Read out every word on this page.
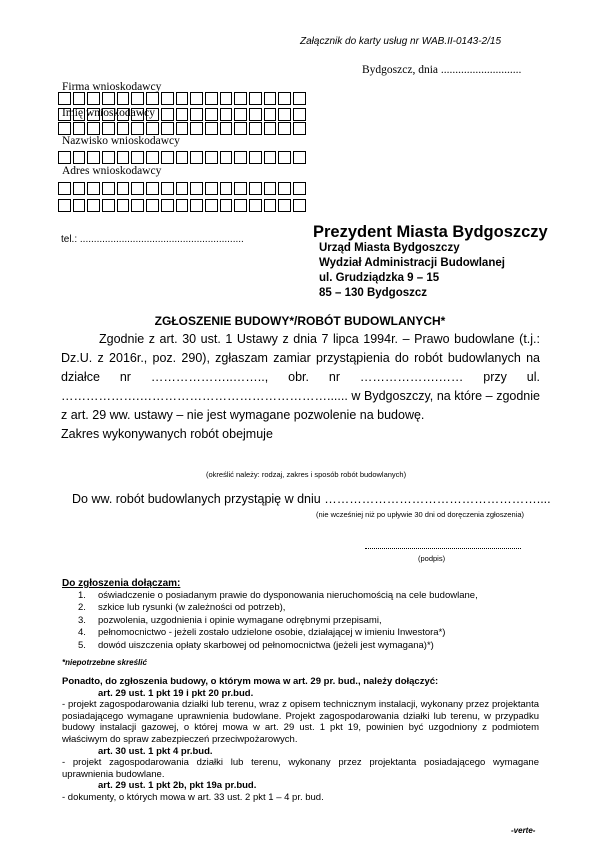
Załącznik do karty usług nr WAB.II-0143-2/15
Bydgoszcz, dnia ............................
Firma wnioskodawcy
Imię wnioskodawcy
Nazwisko wnioskodawcy
Adres wnioskodawcy
tel.: ...........................................................	Prezydent Miasta Bydgoszczy
Urząd Miasta Bydgoszczy
Wydział Administracji Budowlanej
ul. Grudziądzka 9 – 15
85 – 130 Bydgoszcz
ZGŁOSZENIE BUDOWY*/ROBÓT BUDOWLANYCH*

Zgodnie z art. 30 ust. 1 Ustawy z dnia 7 lipca 1994r. – Prawo budowlane (t.j.: Dz.U. z 2016r., poz. 290), zgłaszam zamiar przystąpienia do robót budowlanych na działce nr ………………..…….., obr. nr ……………….…… przy ul. ……………….………………………………………...... w Bydgoszczy, na które – zgodnie z art. 29 ww. ustawy – nie jest wymagane pozwolenie na budowę.

Zakres wykonywanych robót obejmuje

(określić należy: rodzaj, zakres i sposób robót budowlanych)
Do ww. robót budowlanych przystąpię w dniu ……………………………………………....
(nie wcześniej niż po upływie 30 dni od doręczenia zgłoszenia)
(podpis)
Do zgłoszenia dołączam:
1. oświadczenie o posiadanym prawie do dysponowania nieruchomością na cele budowlane,
2. szkice lub rysunki (w zależności od potrzeb),
3. pozwolenia, uzgodnienia i opinie wymagane odrębnymi przepisami,
4. pełnomocnictwo - jeżeli zostało udzielone osobie, działającej w imieniu Inwestora*)
5. dowód uiszczenia opłaty skarbowej od pełnomocnictwa (jeżeli jest wymagana)*)
*niepotrzebne skreślić

Ponadto, do zgłoszenia budowy, o którym mowa w art. 29 pr. bud., należy dołączyć:

art. 29 ust. 1 pkt 19 i pkt 20 pr.bud.

- projekt zagospodarowania działki lub terenu, wraz z opisem technicznym instalacji, wykonany przez projektanta posiadającego wymagane uprawnienia budowlane. Projekt zagospodarowania działki lub terenu, w przypadku budowy instalacji gazowej, o której mowa w art. 29 ust. 1 pkt 19, powinien być uzgodniony z podmiotem właściwym do spraw zabezpieczeń przeciwpożarowych.

art. 30 ust. 1 pkt 4 pr.bud.

- projekt zagospodarowania działki lub terenu, wykonany przez projektanta posiadającego wymagane uprawnienia budowlane.

art. 29 ust. 1 pkt 2b, pkt 19a pr.bud.

- dokumenty, o których mowa w art. 33 ust. 2 pkt 1 – 4 pr. bud.

-verte-
